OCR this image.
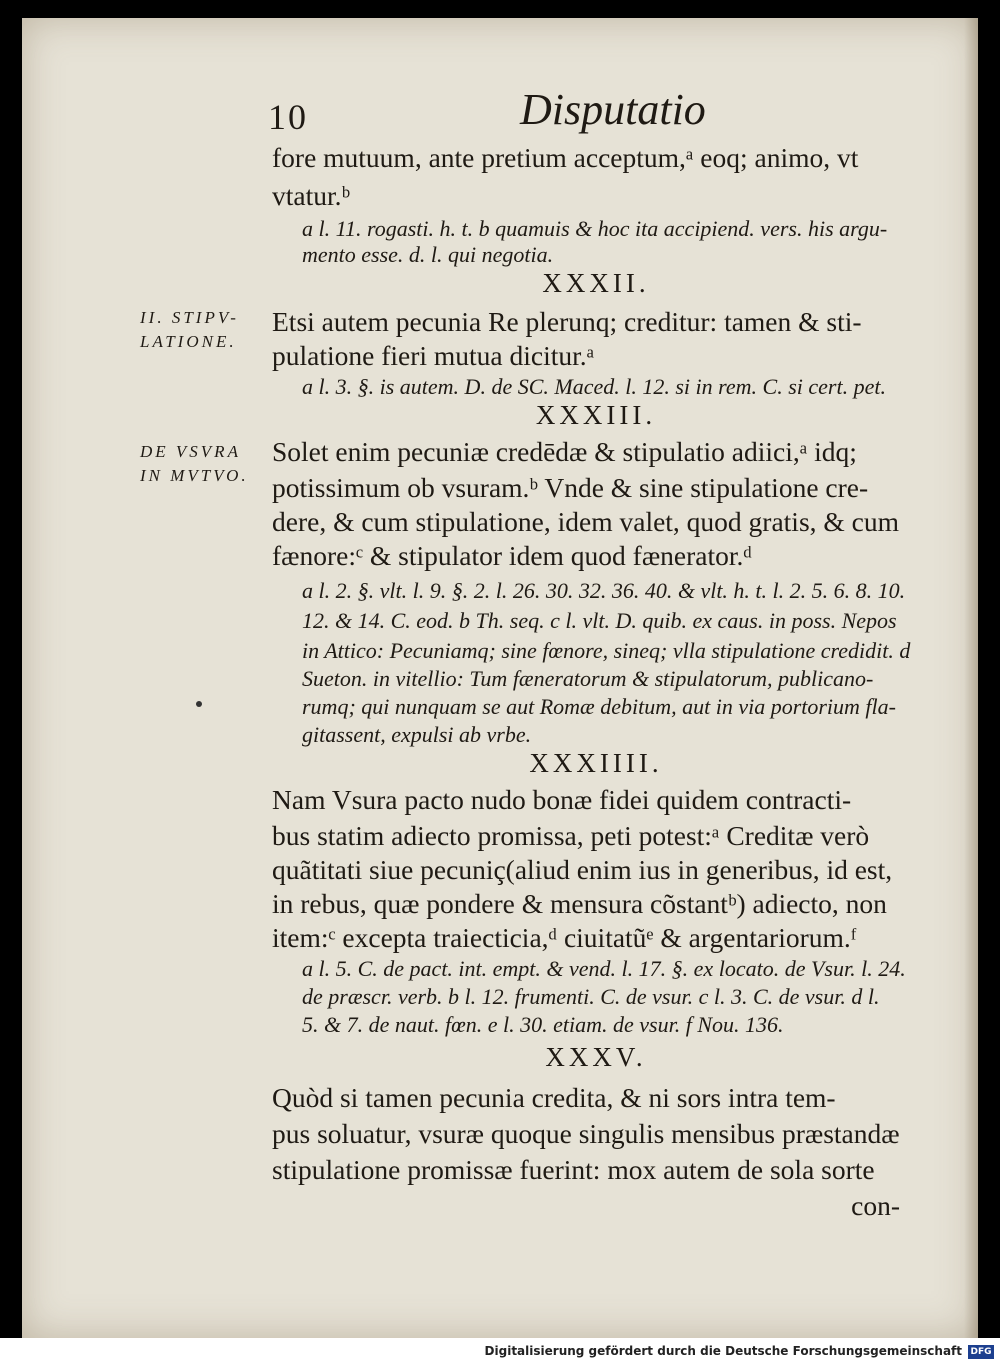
10	Disputatio
fore mutuum, ante pretium acceptum,ᵃ eoq; animo, vt
vtatur.ᵇ
a l. 11. rogasti. h. t. b quamuis & hoc ita accipiend. vers. his argu-
mento esse. d. l. qui negotia.
XXXII.
Etsi autem pecunia Re plerunq; creditur: tamen & sti-
pulatione fieri mutua dicitur.ᵃ
a l. 3. §. is autem. D. de SC. Maced. l. 12. si in rem. C. si cert. pet.
XXXIII.
Solet enim pecuniæ credēdæ & stipulatio adiici,ᵃ idq;
potissimum ob vsuram.ᵇ Vnde & sine stipulatione cre-
dere, & cum stipulatione, idem valet, quod gratis, & cum
fænore:ᶜ & stipulator idem quod fænerator.ᵈ
a l. 2. §. vlt. l. 9. §. 2. l. 26. 30. 32. 36. 40. & vlt. h. t. l. 2. 5. 6. 8. 10.
12. & 14. C. eod. b Th. seq. c l. vlt. D. quib. ex caus. in poss. Nepos
in Attico: Pecuniamq; sine fœnore, sineq; vlla stipulatione credidit. d
Sueton. in vitellio: Tum fæneratorum & stipulatorum, publicano-
rumq; qui nunquam se aut Romæ debitum, aut in via portorium fla-
gitassent, expulsi ab vrbe.
XXXIIII.
Nam Vsura pacto nudo bonæ fidei quidem contracti-
bus statim adiecto promissa, peti potest:ᵃ Creditæ verò
quãtitati siue pecuniç(aliud enim ius in generibus, id est,
in rebus, quæ pondere & mensura cõstantᵇ) adiecto, non
item:ᶜ excepta traiecticia,ᵈ ciuitatũᵉ & argentariorum.ᶠ
a l. 5. C. de pact. int. empt. & vend. l. 17. §. ex locato. de Vsur. l. 24.
de præscr. verb. b l. 12. frumenti. C. de vsur. c l. 3. C. de vsur. d l.
5. & 7. de naut. fœn. e l. 30. etiam. de vsur. f Nou. 136.
XXXV.
Quòd si tamen pecunia credita, & ni sors intra tem-
pus soluatur, vsuræ quoque singulis mensibus præstandæ
stipulatione promissæ fuerint: mox autem de sola sorte
con-
II. STIPV-
LATIONE.
DE VSVRA
IN MVTVO.
Digitalisierung gefördert durch die Deutsche Forschungsgemeinschaft DFG
